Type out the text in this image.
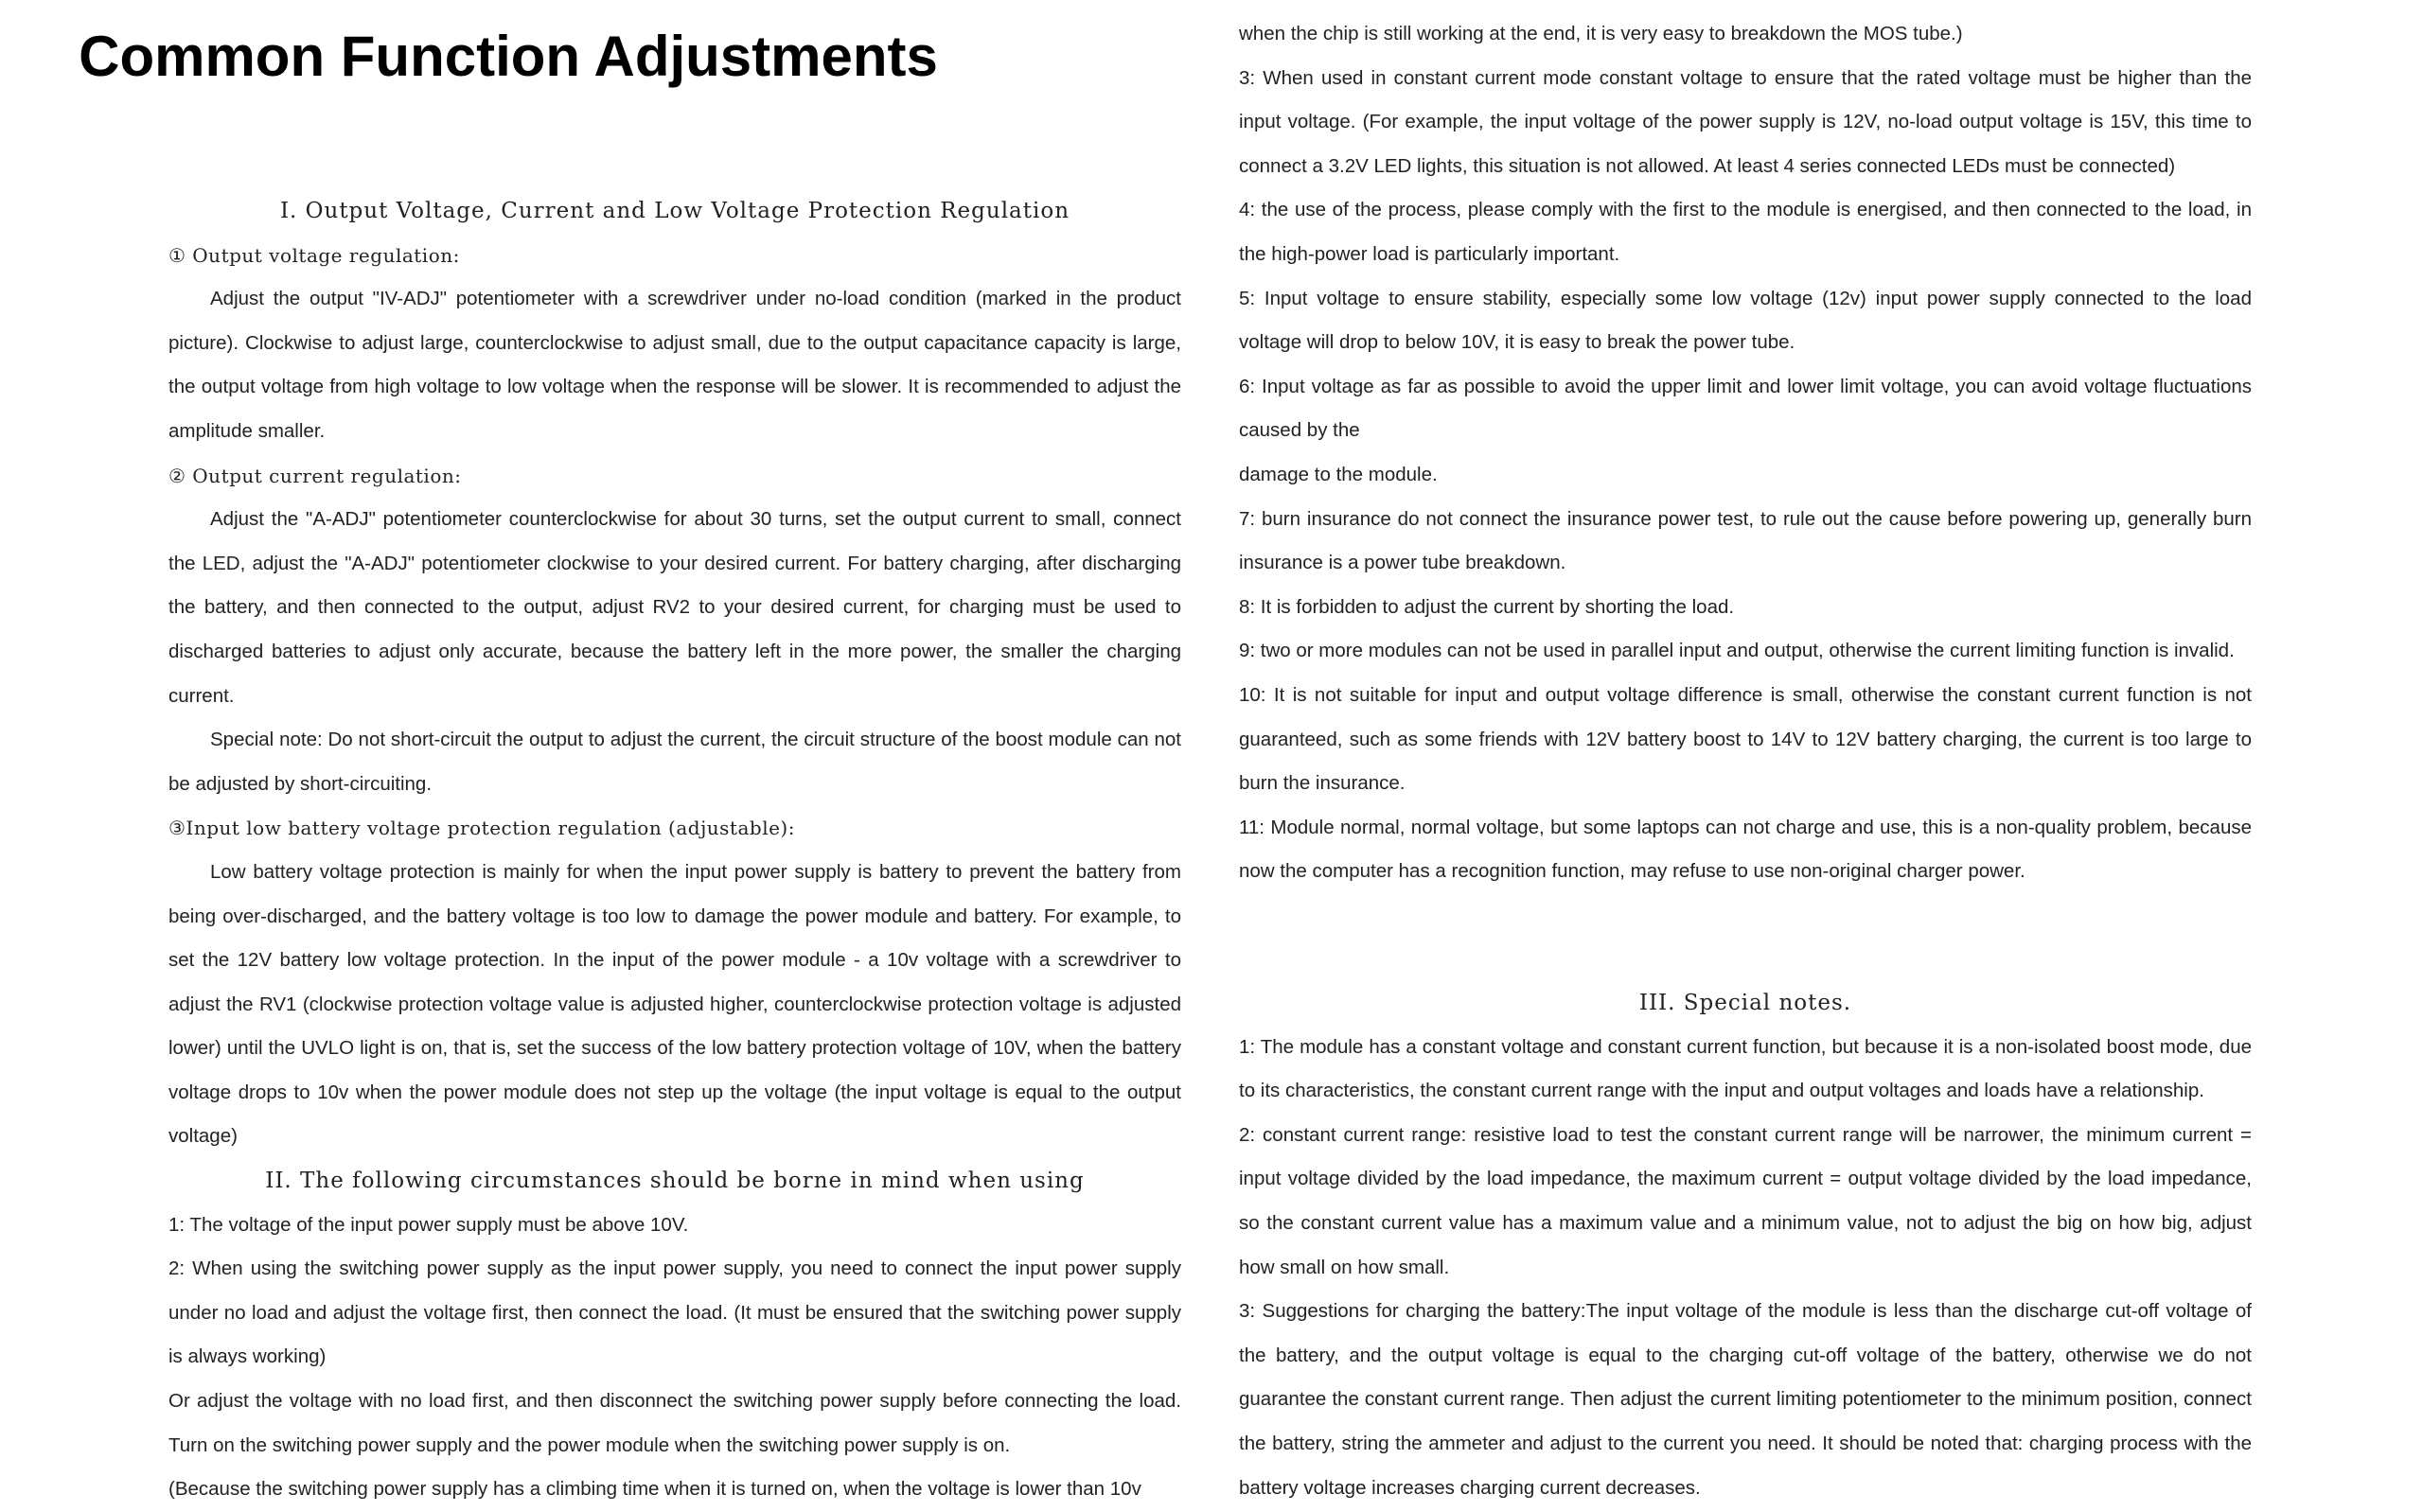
Common Function Adjustments

I. Output Voltage, Current and Low Voltage Protection Regulation

① Output voltage regulation:

Adjust the output "IV-ADJ" potentiometer with a screwdriver under no-load condition (marked in the product picture). Clockwise to adjust large, counterclockwise to adjust small, due to the output capacitance capacity is large, the output voltage from high voltage to low voltage when the response will be slower. It is recommended to adjust the amplitude smaller.

② Output current regulation:

Adjust the "A-ADJ" potentiometer counterclockwise for about 30 turns, set the output current to small, connect the LED, adjust the "A-ADJ" potentiometer clockwise to your desired current. For battery charging, after discharging the battery, and then connected to the output, adjust RV2 to your desired current, for charging must be used to discharged batteries to adjust only accurate, because the battery left in the more power, the smaller the charging current.

Special note: Do not short-circuit the output to adjust the current, the circuit structure of the boost module can not be adjusted by short-circuiting.

③Input low battery voltage protection regulation (adjustable):

Low battery voltage protection is mainly for when the input power supply is battery to prevent the battery from being over-discharged, and the battery voltage is too low to damage the power module and battery. For example, to set the 12V battery low voltage protection. In the input of the power module - a 10v voltage with a screwdriver to adjust the RV1 (clockwise protection voltage value is adjusted higher, counterclockwise protection voltage is adjusted lower) until the UVLO light is on, that is, set the success of the low battery protection voltage of 10V, when the battery voltage drops to 10v when the power module does not step up the voltage (the input voltage is equal to the output voltage)

II. The following circumstances should be borne in mind when using

1: The voltage of the input power supply must be above 10V.

2: When using the switching power supply as the input power supply, you need to connect the input power supply under no load and adjust the voltage first, then connect the load. (It must be ensured that the switching power supply is always working)

Or adjust the voltage with no load first, and then disconnect the switching power supply before connecting the load. Turn on the switching power supply and the power module when the switching power supply is on.

(Because the switching power supply has a climbing time when it is turned on, when the voltage is lower than 10v

when the chip is still working at the end, it is very easy to breakdown the MOS tube.)

3: When used in constant current mode constant voltage to ensure that the rated voltage must be higher than the input voltage. (For example, the input voltage of the power supply is 12V, no-load output voltage is 15V, this time to connect a 3.2V LED lights, this situation is not allowed. At least 4 series connected LEDs must be connected)

4: the use of the process, please comply with the first to the module is energised, and then connected to the load, in the high-power load is particularly important.

5: Input voltage to ensure stability, especially some low voltage (12v) input power supply connected to the load voltage will drop to below 10V, it is easy to break the power tube.

6: Input voltage as far as possible to avoid the upper limit and lower limit voltage, you can avoid voltage fluctuations caused by the

damage to the module.

7: burn insurance do not connect the insurance power test, to rule out the cause before powering up, generally burn insurance is a power tube breakdown.

8: It is forbidden to adjust the current by shorting the load.

9: two or more modules can not be used in parallel input and output, otherwise the current limiting function is invalid.

10: It is not suitable for input and output voltage difference is small, otherwise the constant current function is not guaranteed, such as some friends with 12V battery boost to 14V to 12V battery charging, the current is too large to burn the insurance.

11: Module normal, normal voltage, but some laptops can not charge and use, this is a non-quality problem, because now the computer has a recognition function, may refuse to use non-original charger power.

III. Special notes.

1: The module has a constant voltage and constant current function, but because it is a non-isolated boost mode, due to its characteristics, the constant current range with the input and output voltages and loads have a relationship.

2: constant current range: resistive load to test the constant current range will be narrower, the minimum current = input voltage divided by the load impedance, the maximum current = output voltage divided by the load impedance, so the constant current value has a maximum value and a minimum value, not to adjust the big on how big, adjust how small on how small.

3: Suggestions for charging the battery:The input voltage of the module is less than the discharge cut-off voltage of the battery, and the output voltage is equal to the charging cut-off voltage of the battery, otherwise we do not guarantee the constant current range. Then adjust the current limiting potentiometer to the minimum position, connect the battery, string the ammeter and adjust to the current you need. It should be noted that: charging process with the battery voltage increases charging current decreases.
